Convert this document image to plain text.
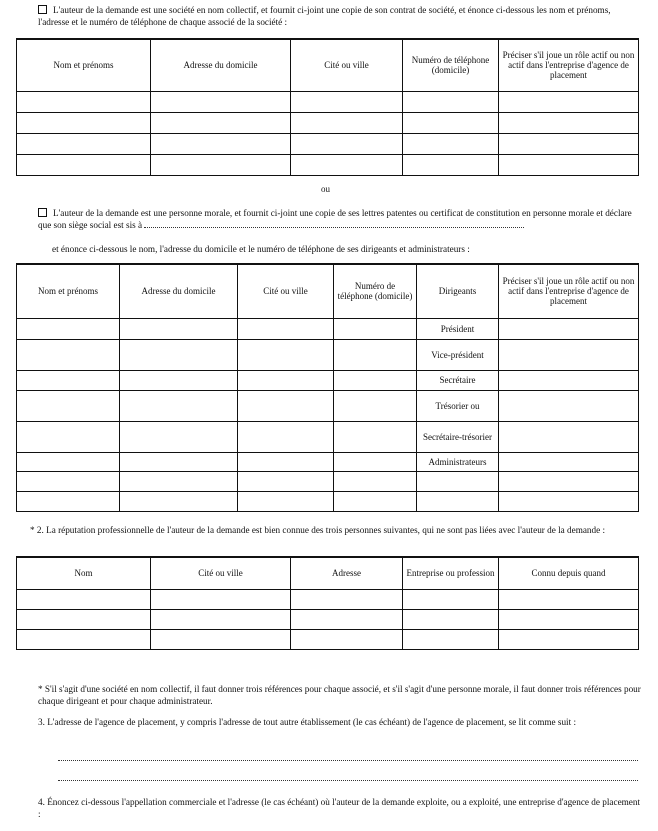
L'auteur de la demande est une société en nom collectif, et fournit ci-joint une copie de son contrat de société, et énonce ci-dessous les nom et prénoms, l'adresse et le numéro de téléphone de chaque associé de la société :
Nom et prénoms	Adresse du domicile	Cité ou ville	Numéro de téléphone (domicile)	Préciser s'il joue un rôle actif ou non actif dans l'entreprise d'agence de placement

ou
L'auteur de la demande est une personne morale, et fournit ci-joint une copie de ses lettres patentes ou certificat de constitution en personne morale et déclare que son siège social est sis à
et énonce ci-dessous le nom, l'adresse du domicile et le numéro de téléphone de ses dirigeants et administrateurs :
Nom et prénoms	Adresse du domicile	Cité ou ville	Numéro de téléphone (domicile)	Dirigeants	Préciser s'il joue un rôle actif ou non actif dans l'entreprise d'agence de placement
				Président	
				Vice-président	
				Secrétaire	
				Trésorier ou	
				Secrétaire-trésorier	
				Administrateurs	

* 2. La réputation professionnelle de l'auteur de la demande est bien connue des trois personnes suivantes, qui ne sont pas liées avec l'auteur de la demande :
Nom	Cité ou ville	Adresse	Entreprise ou profession	Connu depuis quand

* S'il s'agit d'une société en nom collectif, il faut donner trois références pour chaque associé, et s'il s'agit d'une personne morale, il faut donner trois références pour chaque dirigeant et pour chaque administrateur.
3. L'adresse de l'agence de placement, y compris l'adresse de tout autre établissement (le cas échéant) de l'agence de placement, se lit comme suit :
4. Énoncez ci-dessous l'appellation commerciale et l'adresse (le cas échéant) où l'auteur de la demande exploite, ou a exploité, une entreprise d'agence de placement :
